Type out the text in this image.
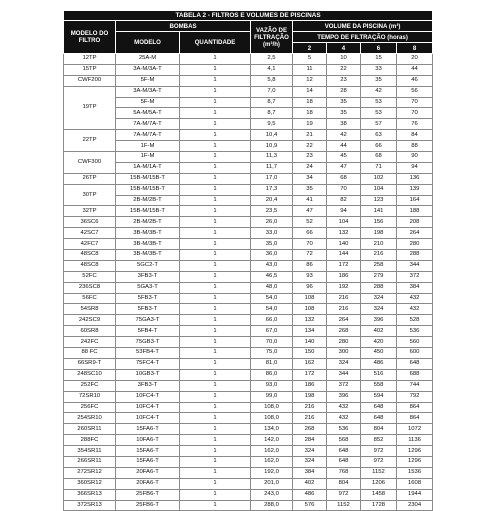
TABELA 2 - FILTROS E VOLUMES DE PISCINAS							
MODELO DO FILTRO	BOMBAS		VAZÃO DE FILTRAÇÃO (m³/h)	VOLUME DA PISCINA (m³)			
	MODELO	QUANTIDADE		TEMPO DE FILTRAÇÃO (horas)			
				2	4	6	8
12TP	25A-M	1	2,5	5	10	15	20
15TP	3A-M/3A-T	1	4,1	11	22	33	44
CWF200	5F-M	1	5,8	12	23	35	46
19TP	3A-M/3A-T	1	7,0	14	28	42	56
	5F-M	1	8,7	18	35	53	70
	5A-M/5A-T	1	8,7	18	35	53	70
	7A-M/7A-T	1	9,5	19	38	57	76
22TP	7A-M/7A-T	1	10,4	21	42	63	84
	1F-M	1	10,9	22	44	66	88
CWF300	1F-M	1	11,3	23	45	68	90
	1A-M/1A-T	1	11,7	24	47	71	94
26TP	15B-M/15B-T	1	17,0	34	68	102	136
30TP	15B-M/15B-T	1	17,3	35	70	104	139
	2B-M/2B-T	1	20,4	41	82	123	164
32TP	15B-M/15B-T	1	23,5	47	94	141	188
36SC6	2B-M/2B-T	1	26,0	52	104	156	208
42SC7	3B-M/3B-T	1	33,0	66	132	198	264
42FC7	3B-M/3B-T	1	35,0	70	140	210	280
48SC8	3B-M/3B-T	1	36,0	72	144	216	288
48SC8	5GC2-T	1	43,0	86	172	258	344
52FC	3FB3-T	1	46,5	93	186	279	372
236SC8	5GA3-T	1	48,0	96	192	288	384
56FC	5FB3-T	1	54,0	108	216	324	432
54SR8	5FB3-T	1	54,0	108	216	324	432
242SC9	75GA3-T	1	66,0	132	264	396	528
60SR8	5FB4-T	1	67,0	134	268	402	536
242FC	75GB3-T	1	70,0	140	280	420	560
88 FC	53FB4-T	1	75,0	150	300	450	600
66SR9-T	75FC4-T	1	81,0	162	324	486	648
248SC10	10GB3-T	1	86,0	172	344	516	688
252FC	3FB3-T	1	93,0	186	372	558	744
72SR10	10FC4-T	1	99,0	198	396	594	792
256FC	10FC4-T	1	108,0	216	432	648	864
254SR10	10FC4-T	1	108,0	216	432	648	864
260SR11	15FA6-T	1	134,0	268	536	804	1072
288FC	10FA6-T	1	142,0	284	568	852	1136
354SR11	15FA6-T	1	162,0	324	648	972	1296
266SR11	15FA6-T	1	162,0	324	648	972	1296
272SR12	20FA6-T	1	192,0	384	768	1152	1536
360SR12	20FA6-T	1	201,0	402	804	1206	1608
366SR13	25FB6-T	1	243,0	486	972	1458	1944
372SR13	25FB6-T	1	288,0	576	1152	1728	2304
